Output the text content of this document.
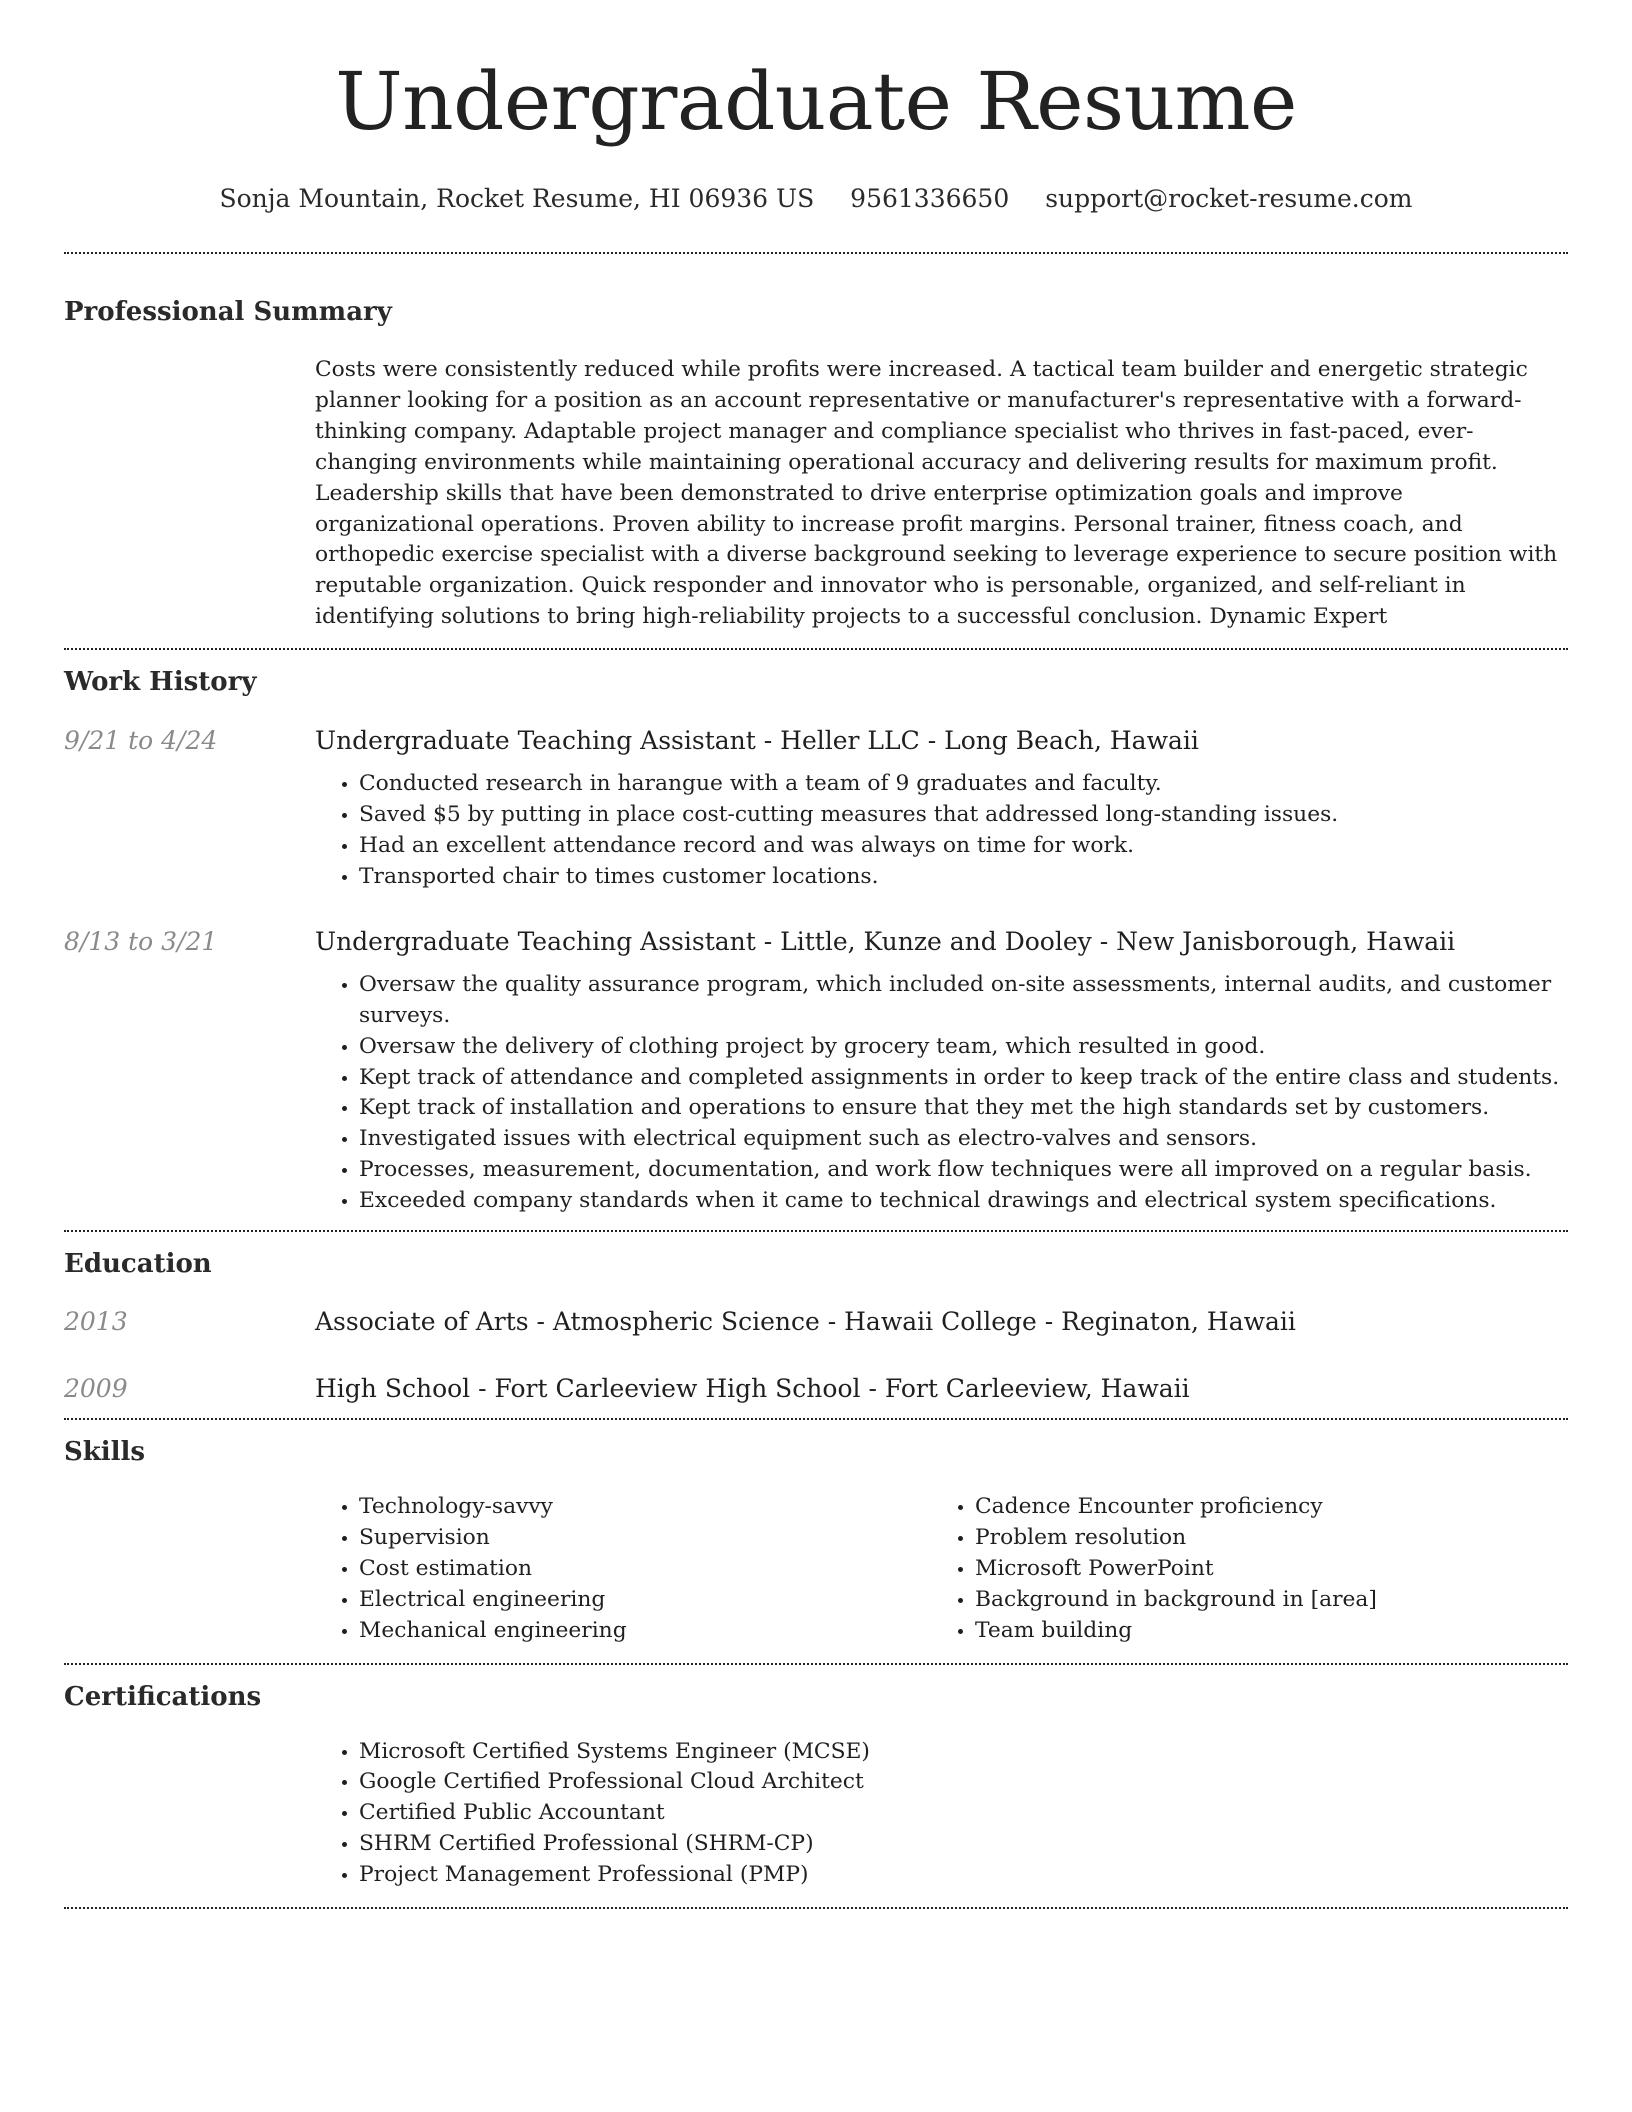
Undergraduate Resume
Sonja Mountain, Rocket Resume, HI 06936 US 9561336650 support@rocket-resume.com
Professional Summary
Costs were consistently reduced while profits were increased. A tactical team builder and energetic strategic planner looking for a position as an account representative or manufacturer's representative with a forward-thinking company. Adaptable project manager and compliance specialist who thrives in fast-paced, ever-changing environments while maintaining operational accuracy and delivering results for maximum profit. Leadership skills that have been demonstrated to drive enterprise optimization goals and improve organizational operations. Proven ability to increase profit margins. Personal trainer, fitness coach, and orthopedic exercise specialist with a diverse background seeking to leverage experience to secure position with reputable organization. Quick responder and innovator who is personable, organized, and self-reliant in identifying solutions to bring high-reliability projects to a successful conclusion. Dynamic Expert
Work History
9/21 to 4/24	Undergraduate Teaching Assistant - Heller LLC - Long Beach, Hawaii
• Conducted research in harangue with a team of 9 graduates and faculty.
• Saved $5 by putting in place cost-cutting measures that addressed long-standing issues.
• Had an excellent attendance record and was always on time for work.
• Transported chair to times customer locations.
8/13 to 3/21	Undergraduate Teaching Assistant - Little, Kunze and Dooley - New Janisborough, Hawaii
• Oversaw the quality assurance program, which included on-site assessments, internal audits, and customer surveys.
• Oversaw the delivery of clothing project by grocery team, which resulted in good.
• Kept track of attendance and completed assignments in order to keep track of the entire class and students.
• Kept track of installation and operations to ensure that they met the high standards set by customers.
• Investigated issues with electrical equipment such as electro-valves and sensors.
• Processes, measurement, documentation, and work flow techniques were all improved on a regular basis.
• Exceeded company standards when it came to technical drawings and electrical system specifications.
Education
2013	Associate of Arts - Atmospheric Science - Hawaii College - Reginaton, Hawaii
2009	High School - Fort Carleeview High School - Fort Carleeview, Hawaii
Skills
• Technology-savvy
• Supervision
• Cost estimation
• Electrical engineering
• Mechanical engineering
• Cadence Encounter proficiency
• Problem resolution
• Microsoft PowerPoint
• Background in background in [area]
• Team building
Certifications
• Microsoft Certified Systems Engineer (MCSE)
• Google Certified Professional Cloud Architect
• Certified Public Accountant
• SHRM Certified Professional (SHRM-CP)
• Project Management Professional (PMP)
